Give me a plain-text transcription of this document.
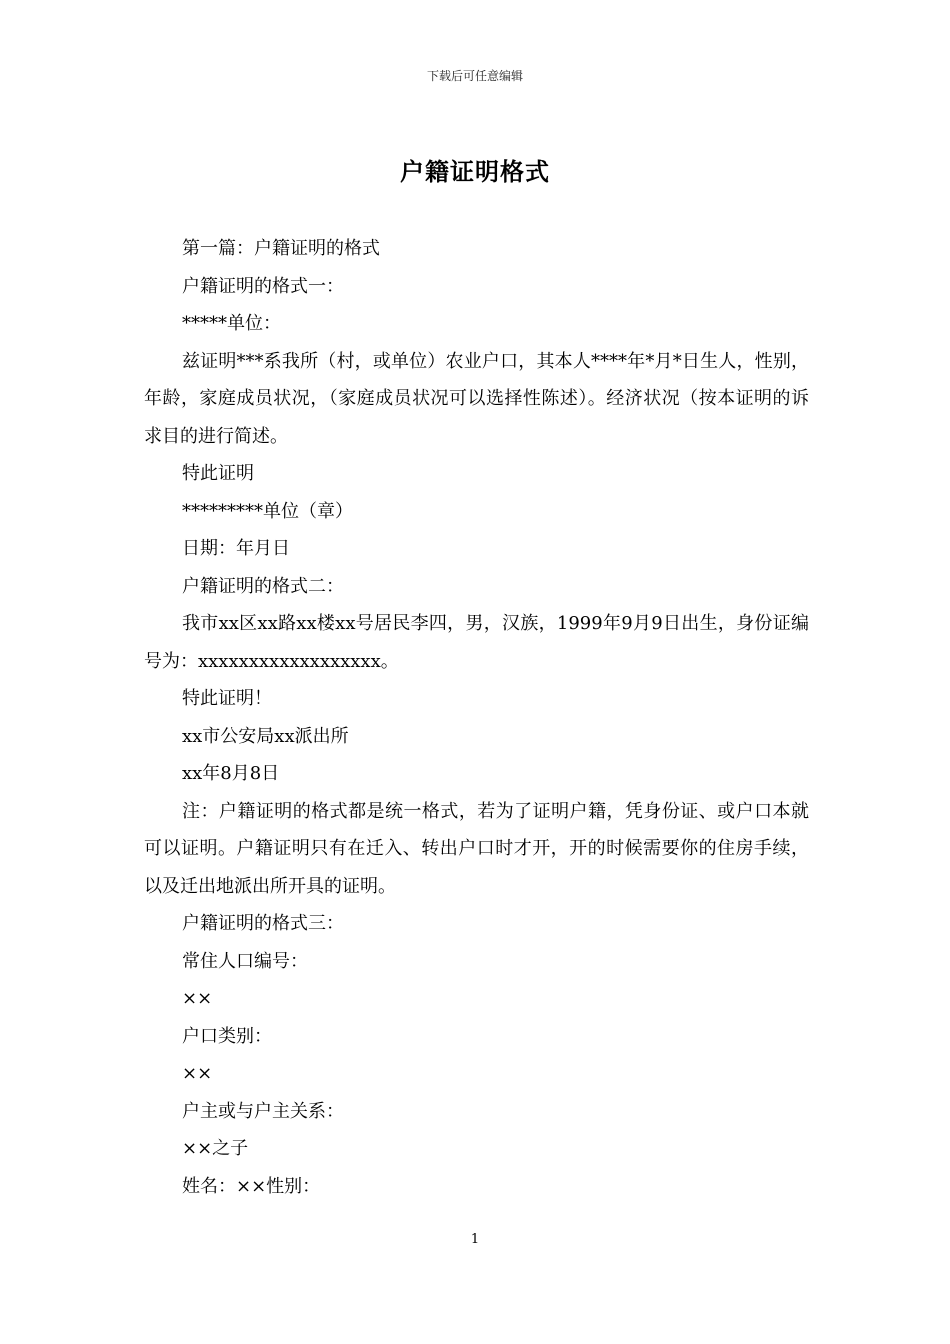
下载后可任意编辑
户籍证明格式

第一篇：户籍证明的格式

户籍证明的格式一：

*****单位：

兹证明***系我所（村，或单位）农业户口，其本人****年*月*日生人，性别，年龄，家庭成员状况，（家庭成员状况可以选择性陈述）。经济状况（按本证明的诉求目的进行简述。

特此证明

*********单位（章）

日期：年月日

户籍证明的格式二：

我市xx区xx路xx楼xx号居民李四，男，汉族，1999年9月9日出生，身份证编号为：xxxxxxxxxxxxxxxxxx。

特此证明！

xx市公安局xx派出所

xx年8月8日

注：户籍证明的格式都是统一格式，若为了证明户籍，凭身份证、或户口本就可以证明。户籍证明只有在迁入、转出户口时才开，开的时候需要你的住房手续，以及迁出地派出所开具的证明。

户籍证明的格式三：

常住人口编号：

××

户口类别：

××

户主或与户主关系：

××之子

姓名：××性别：

1
